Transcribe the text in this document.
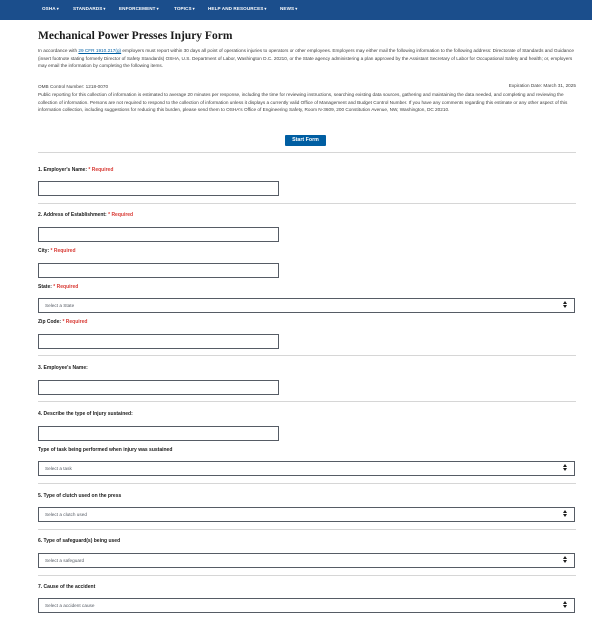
OSHA▾	STANDARDS▾	ENFORCEMENT▾	TOPICS▾	HELP AND RESOURCES▾	NEWS▾
Mechanical Power Presses Injury Form
In accordance with 29 CFR 1910.217(g) employers must report within 30 days all point of operations injuries to operators or other employees. Employers may either mail the following information to the following address: Directorate of Standards and Guidance (insert footnote stating formerly Director of Safety Standards) OSHA, U.S. Department of Labor, Washington D.C. 20210, or the State agency administering a plan approved by the Assistant Secretary of Labor for Occupational Safety and health; or, employers may email the information by completing the following items.
OMB Control Number: 1218-0070	Expiration Date: March 31, 2025
Public reporting for this collection of information is estimated to average 20 minutes per response, including the time for reviewing instructions, searching existing data sources, gathering and maintaining the data needed, and completing and reviewing the collection of information. Persons are not required to respond to the collection of information unless it displays a currently valid Office of Management and Budget Control Number. If you have any comments regarding this estimate or any other aspect of this information collection, including suggestions for reducing this burden, please send them to OSHA's Office of Engineering Safety, Room N-3609, 200 Constitution Avenue, NW, Washington, DC 20210.
Start Form
1. Employer's Name: * Required
2. Address of Establishment: * Required
City: * Required
State: * Required
Select a State
Zip Code: * Required
3. Employee's Name:
4. Describe the type of Injury sustained:
Type of task being performed when injury was sustained
Select a task
5. Type of clutch used on the press
Select a clutch used
6. Type of safeguard(s) being used
Select a safeguard
7. Cause of the accident
Select a accident cause
